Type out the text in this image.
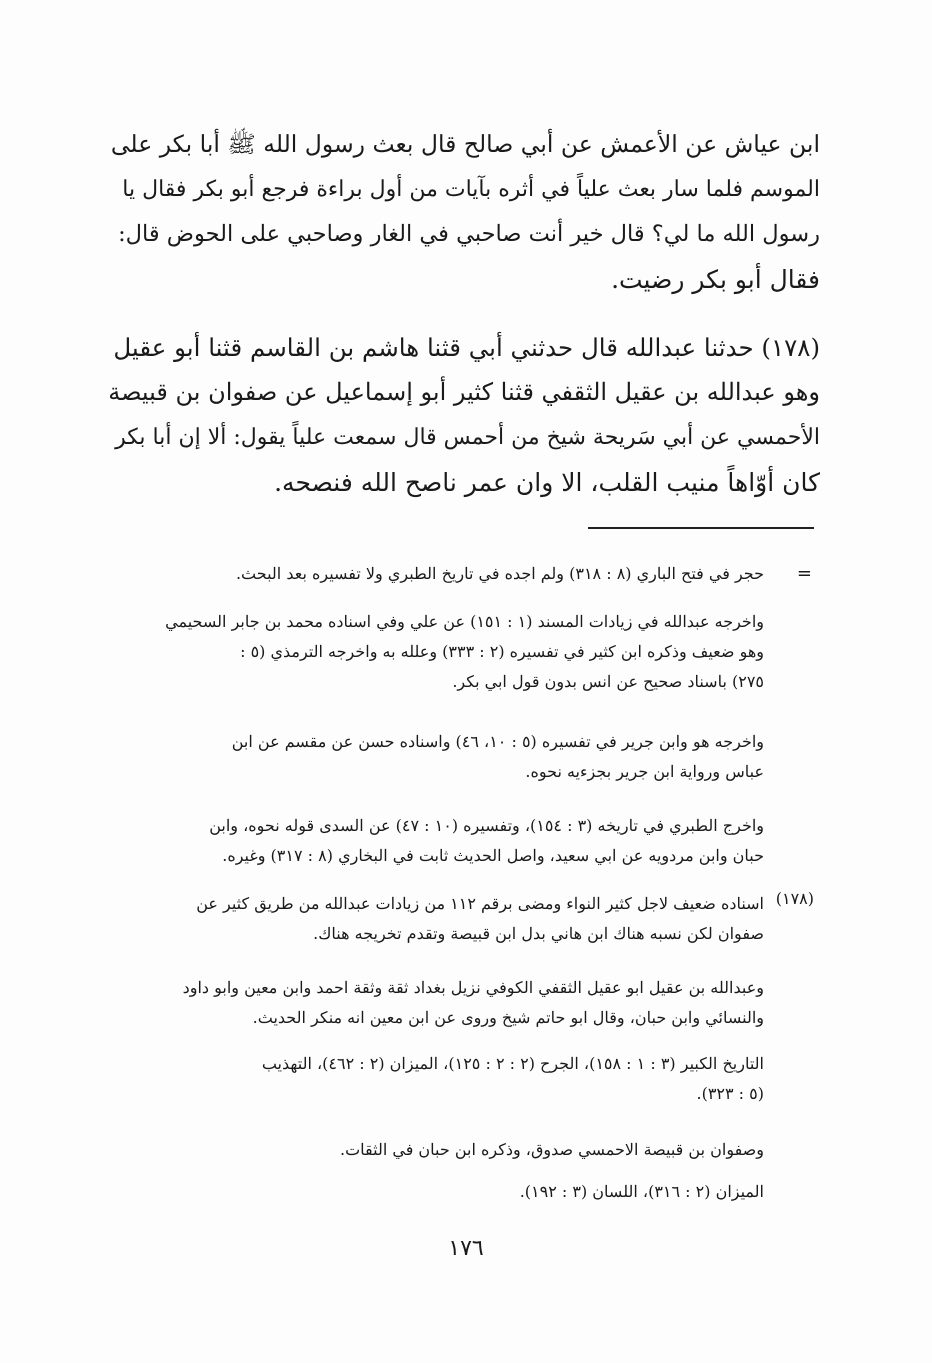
ابن عياش عن الأعمش عن أبي صالح قال بعث رسول الله ﷺ أبا بكر على
الموسم فلما سار بعث علياً في أثره بآيات من أول براءة فرجع أبو بكر فقال يا
رسول الله ما لي؟ قال خير أنت صاحبي في الغار وصاحبي على الحوض قال:
فقال أبو بكر رضيت.
(١٧٨) حدثنا عبدالله قال حدثني أبي قثنا هاشم بن القاسم قثنا أبو عقيل
وهو عبدالله بن عقيل الثقفي قثنا كثير أبو إسماعيل عن صفوان بن قبيصة
الأحمسي عن أبي سَريحة شيخ من أحمس قال سمعت علياً يقول: ألا إن أبا بكر
كان أوّاهاً منيب القلب، الا وان عمر ناصح الله فنصحه.
=
حجر في فتح الباري (٨ : ٣١٨) ولم اجده في تاريخ الطبري ولا تفسيره بعد البحث.
واخرجه عبدالله في زيادات المسند (١ : ١٥١) عن علي وفي اسناده محمد بن جابر السحيمي
وهو ضعيف وذكره ابن كثير في تفسيره (٢ : ٣٣٣) وعلله به واخرجه الترمذي (٥ :
٢٧٥) باسناد صحيح عن انس بدون قول ابي بكر.
واخرجه هو وابن جرير في تفسيره (٥ : ١٠، ٤٦) واسناده حسن عن مقسم عن ابن
عباس ورواية ابن جرير بجزءيه نحوه.
واخرج الطبري في تاريخه (٣ : ١٥٤)، وتفسيره (١٠ : ٤٧) عن السدى قوله نحوه، وابن
حبان وابن مردويه عن ابي سعيد، واصل الحديث ثابت في البخاري (٨ : ٣١٧) وغيره.
(١٧٨)
اسناده ضعيف لاجل كثير النواء ومضى برقم ١١٢ من زيادات عبدالله من طريق كثير عن
صفوان لكن نسبه هناك ابن هاني بدل ابن قبيصة وتقدم تخريجه هناك.
وعبدالله بن عقيل ابو عقيل الثقفي الكوفي نزيل بغداد ثقة وثقة احمد وابن معين وابو داود
والنسائي وابن حبان، وقال ابو حاتم شيخ وروى عن ابن معين انه منكر الحديث.
التاريخ الكبير (٣ : ١ : ١٥٨)، الجرح (٢ : ٢ : ١٢٥)، الميزان (٢ : ٤٦٢)، التهذيب
(٥ : ٣٢٣).
وصفوان بن قبيصة الاحمسي صدوق، وذكره ابن حبان في الثقات.
الميزان (٢ : ٣١٦)، اللسان (٣ : ١٩٢).
١٧٦
